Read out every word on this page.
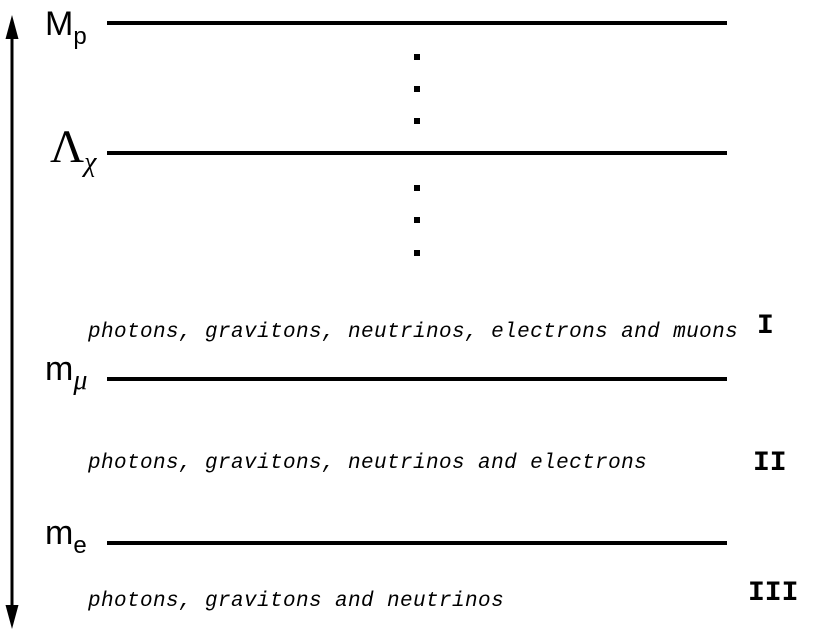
$M_p$
Λχ
$m_\mu$
$m_e$
photons, gravitons, neutrinos, electrons and muons
photons, gravitons, neutrinos and electrons
photons, gravitons and neutrinos
I
II
III
